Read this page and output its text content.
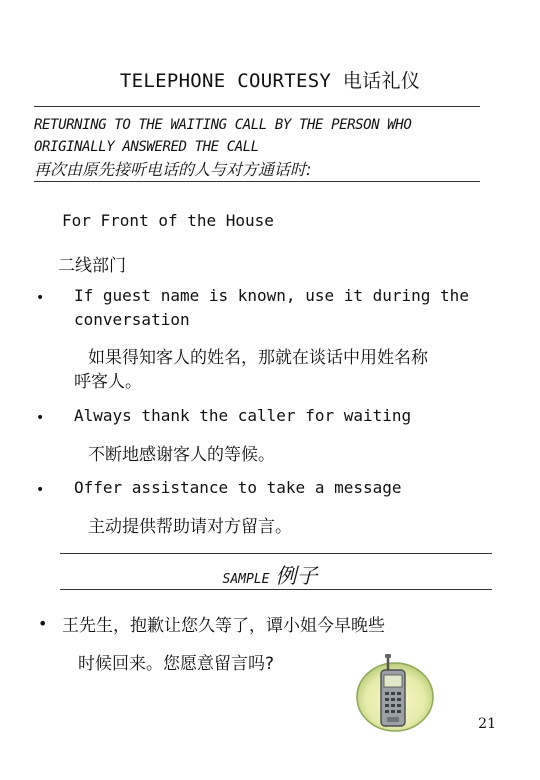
TELEPHONE COURTESY 电话礼仪
RETURNING TO THE WAITING CALL BY THE PERSON WHO
ORIGINALLY ANSWERED THE CALL
再次由原先接听电话的人与对方通话时:
For Front of the House
二线部门
• If guest name is known, use it during the
conversation
如果得知客人的姓名，那就在谈话中用姓名称
呼客人。
• Always thank the caller for waiting
不断地感谢客人的等候。
• Offer assistance to take a message
主动提供帮助请对方留言。
SAMPLE 例子
• 王先生，抱歉让您久等了，谭小姐今早晚些
时候回来。您愿意留言吗?
21
